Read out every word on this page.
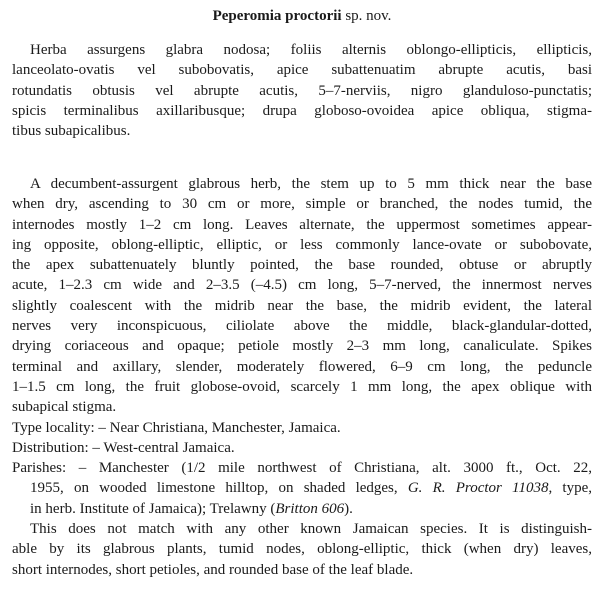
Peperomia proctorii sp. nov.
Herba assurgens glabra nodosa; foliis alternis oblongo-ellipticis, ellipticis,
lanceolato-ovatis vel subobovatis, apice subattenuatim abrupte acutis, basi
rotundatis obtusis vel abrupte acutis, 5–7-nerviis, nigro glanduloso-punctatis;
spicis terminalibus axillaribusque; drupa globoso-ovoidea apice obliqua, stigma-
tibus subapicalibus.
A decumbent-assurgent glabrous herb, the stem up to 5 mm thick near the base
when dry, ascending to 30 cm or more, simple or branched, the nodes tumid, the
internodes mostly 1–2 cm long. Leaves alternate, the uppermost sometimes appear-
ing opposite, oblong-elliptic, elliptic, or less commonly lance-ovate or subobovate,
the apex subattenuately bluntly pointed, the base rounded, obtuse or abruptly
acute, 1–2.3 cm wide and 2–3.5 (–4.5) cm long, 5–7-nerved, the innermost nerves
slightly coalescent with the midrib near the base, the midrib evident, the lateral
nerves very inconspicuous, ciliolate above the middle, black-glandular-dotted,
drying coriaceous and opaque; petiole mostly 2–3 mm long, canaliculate. Spikes
terminal and axillary, slender, moderately flowered, 6–9 cm long, the peduncle
1–1.5 cm long, the fruit globose-ovoid, scarcely 1 mm long, the apex oblique with
subapical stigma.
Type locality: – Near Christiana, Manchester, Jamaica.
Distribution: – West-central Jamaica.
Parishes: – Manchester (1/2 mile northwest of Christiana, alt. 3000 ft., Oct. 22,
1955, on wooded limestone hilltop, on shaded ledges, G. R. Proctor 11038, type,
in herb. Institute of Jamaica); Trelawny (Britton 606).
This does not match with any other known Jamaican species. It is distinguish-
able by its glabrous plants, tumid nodes, oblong-elliptic, thick (when dry) leaves,
short internodes, short petioles, and rounded base of the leaf blade.
